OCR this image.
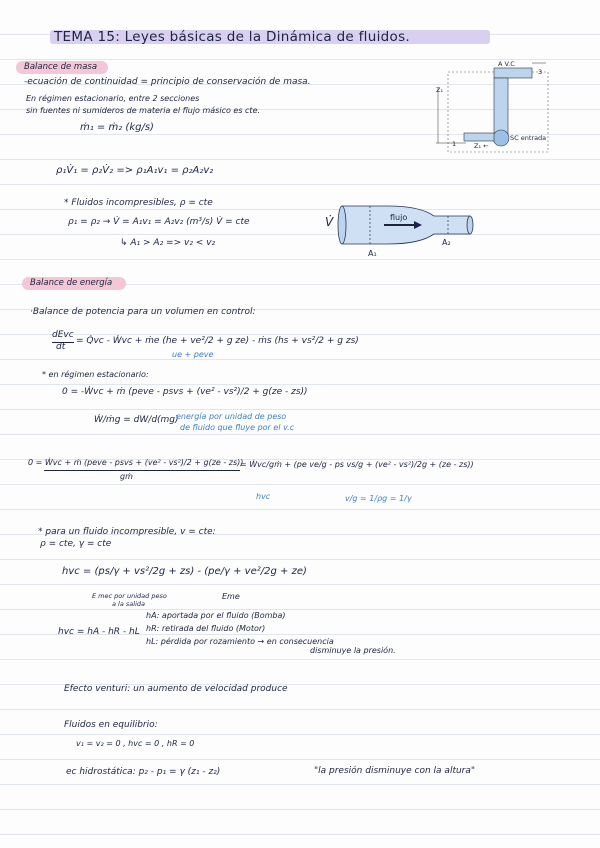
TEMA 15: Leyes básicas de la Dinámica de fluidos.
Balance de masa
-ecuación de continuidad = principio de conservación de masa.
En régimen estacionario, entre 2 secciones
sin fuentes ni sumideros de materia el flujo másico es cte.
ṁ₁ = ṁ₂ (kg/s)
ρ₁V̇₁ = ρ₂V̇₂ => ρ₁A₁v₁ = ρ₂A₂v₂
* Fluidos incompresibles, ρ = cte
ρ₁ = ρ₂ → V̇ = A₁v₁ = A₂v₂ (m³/s) V̇ = cte
↳ A₁ > A₂ => v₂ < v₂
A V.C
Z₁
Z₁ ←
SC entrada
3
1
flujo
V̇
A₁
A₂
Balance de energía
·Balance de potencia para un volumen en control:
dEvc
dt
= Q̇vc - Ẇvc + ṁe (he + ve²/2 + g ze) - ṁs (hs + vs²/2 + g zs)
ue + peve
* en régimen estacionario:
0 = -Ẇvc + ṁ (peve - psvs + (ve² - vs²)/2 + g(ze - zs))
Ẇ/ṁg = dW/d(mg)
energía por unidad de peso
de fluido que fluye por el v.c
0 = Ẇvc + ṁ (peve - psvs + (ve² - vs²)/2 + g(ze - zs))
gṁ
= Ẇvc/gṁ + (pe ve/g - ps vs/g + (ve² - vs²)/2g + (ze - zs))
hvc	v/g = 1/ρg = 1/γ
* para un fluido incompresible, v = cte:
ρ = cte, γ = cte
hvc = (ps/γ + vs²/2g + zs) - (pe/γ + ve²/2g + ze)
E mec por unidad peso
a la salida
Eme
hvc = hA - hR - hL
hA: aportada por el fluido (Bomba)
hR: retirada del fluido (Motor)
hL: pérdida por rozamiento → en consecuencia
disminuye la presión.
Efecto venturi: un aumento de velocidad produce
Fluidos en equilibrio:
v₁ = v₂ = 0 , hvc = 0 , hR = 0
ec hidrostática: p₂ - p₁ = γ (z₁ - z₂)	"la presión disminuye con la altura"
